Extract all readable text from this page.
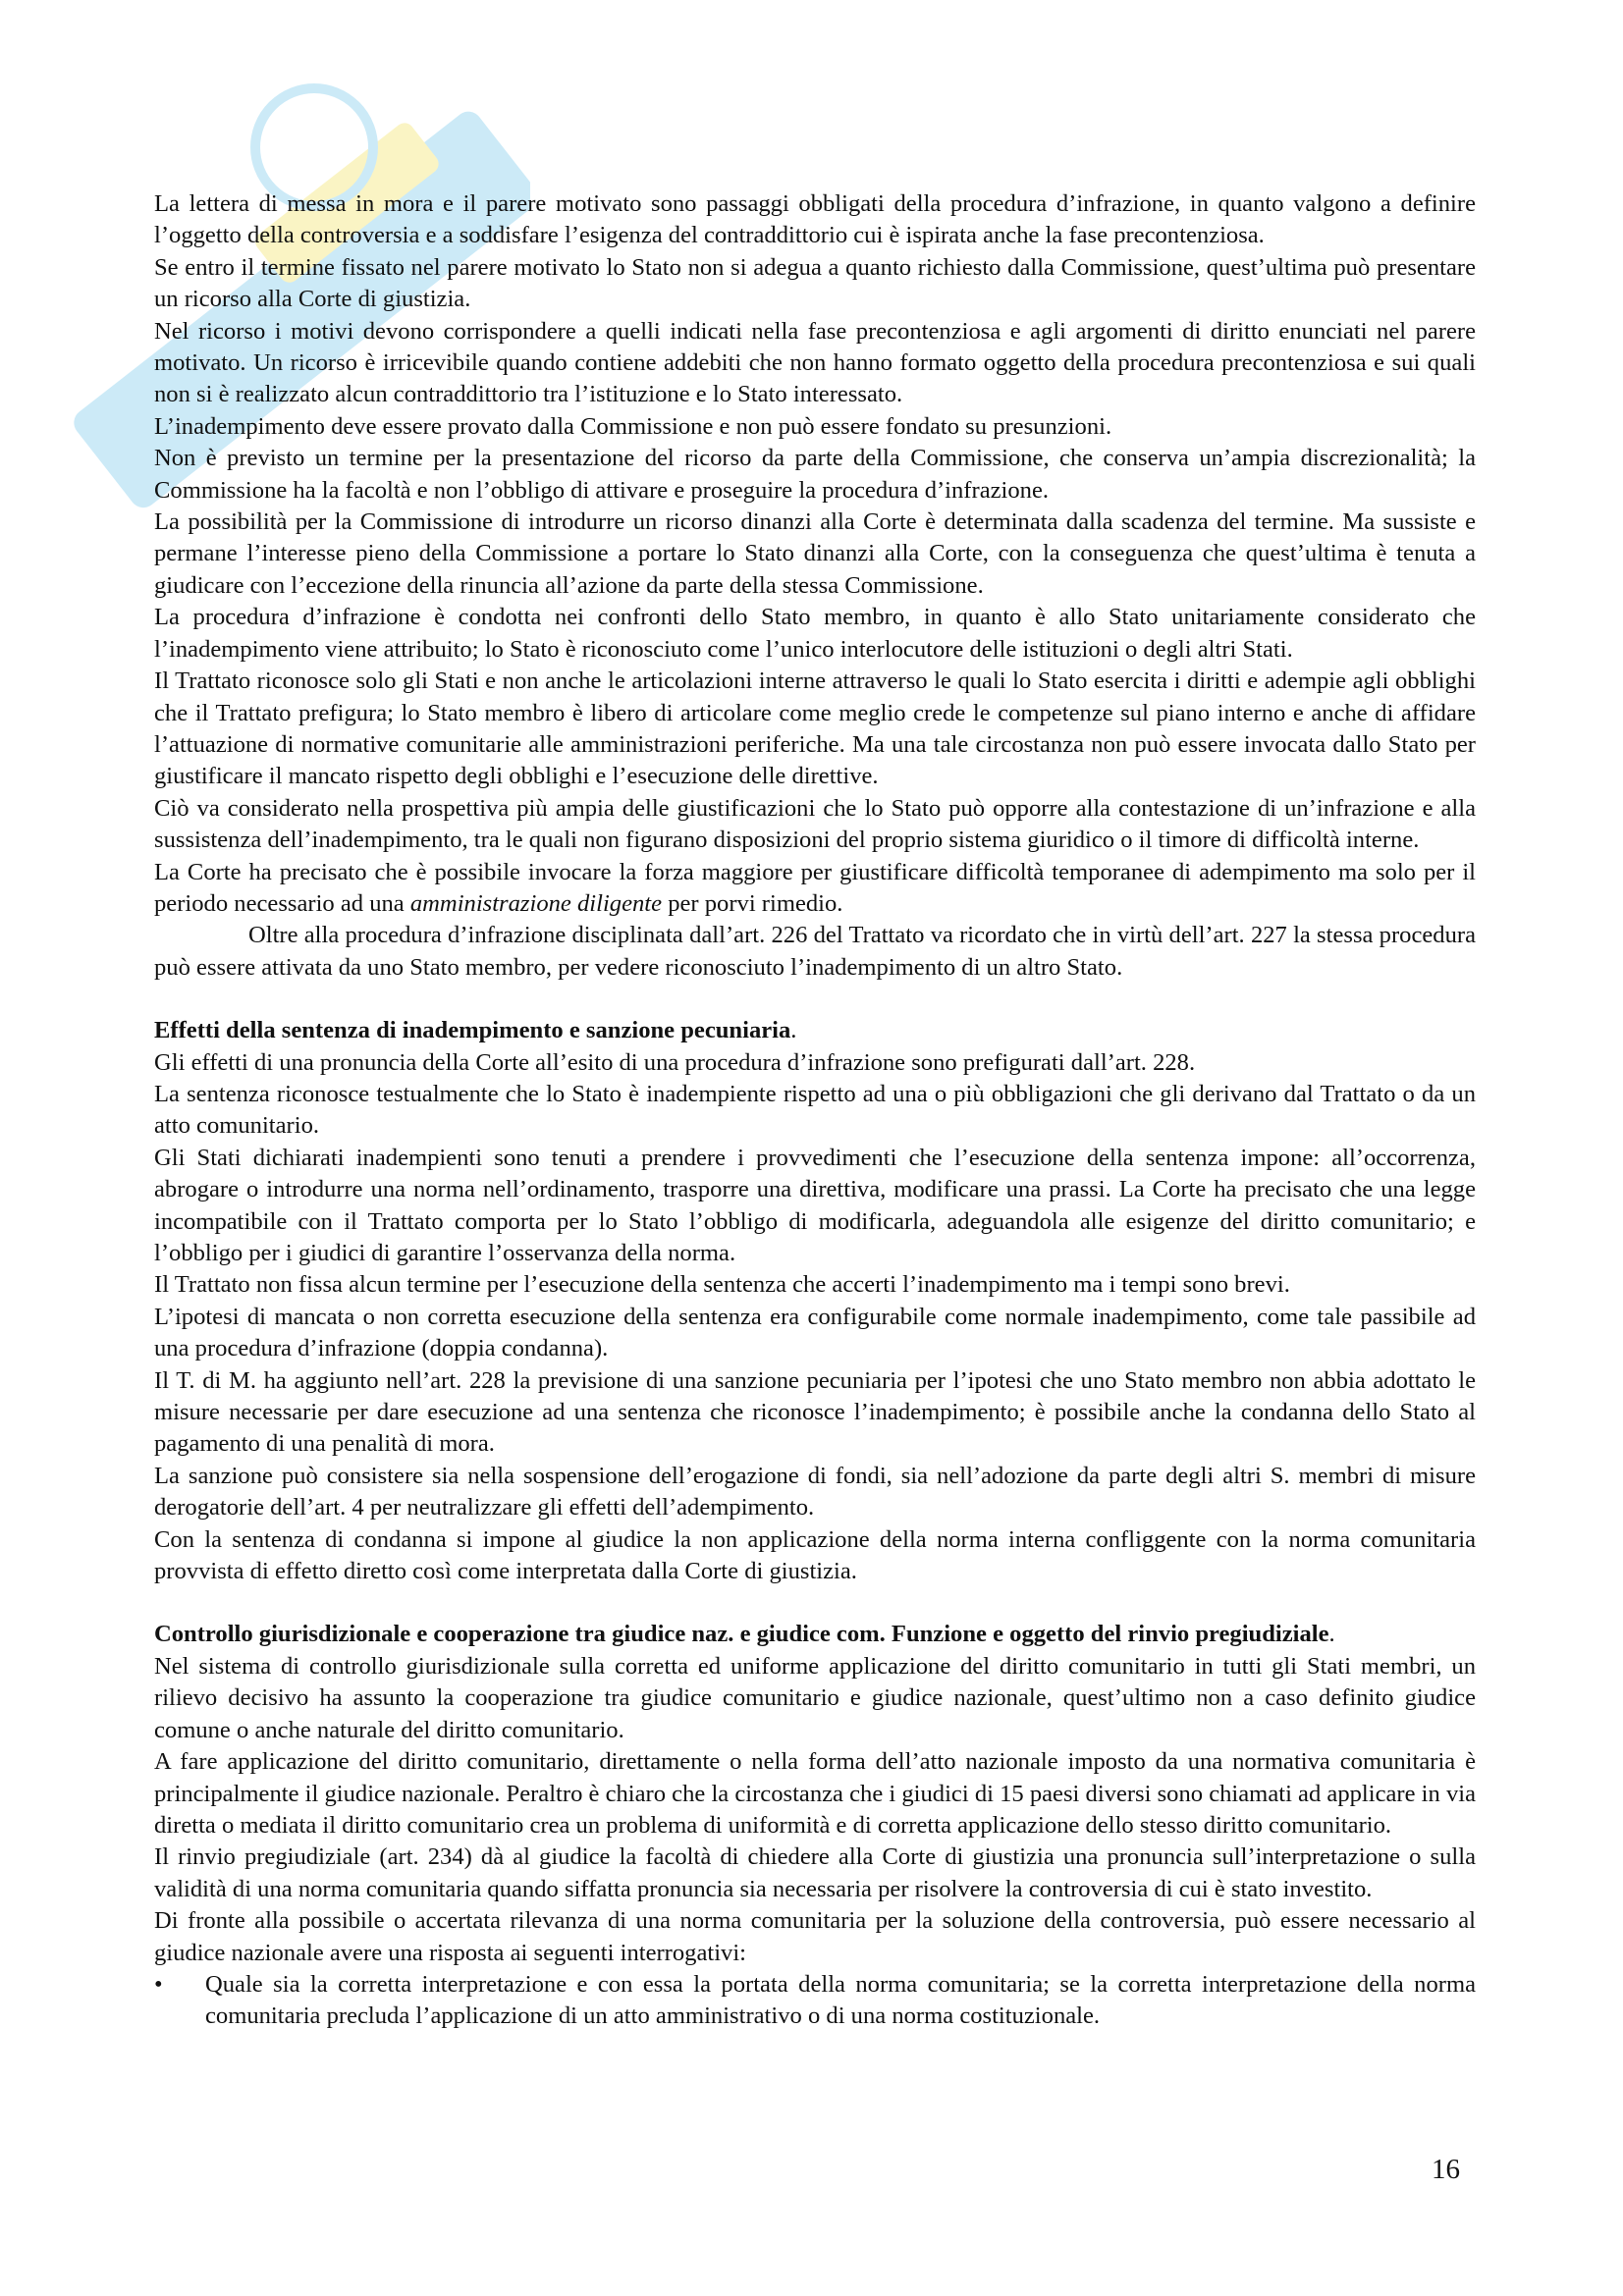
La lettera di messa in mora e il parere motivato sono passaggi obbligati della procedura d’infrazione, in quanto valgono a definire l’oggetto della controversia e a soddisfare l’esigenza del contraddittorio cui è ispirata anche la fase precontenziosa.

Se entro il termine fissato nel parere motivato lo Stato non si adegua a quanto richiesto dalla Commissione, quest’ultima può presentare un ricorso alla Corte di giustizia.

Nel ricorso i motivi devono corrispondere a quelli indicati nella fase precontenziosa e agli argomenti di diritto enunciati nel parere motivato. Un ricorso è irricevibile quando contiene addebiti che non hanno formato oggetto della procedura precontenziosa e sui quali non si è realizzato alcun contraddittorio tra l’istituzione e lo Stato interessato.

L’inadempimento deve essere provato dalla Commissione e non può essere fondato su presunzioni.

Non è previsto un termine per la presentazione del ricorso da parte della Commissione, che conserva un’ampia discrezionalità; la Commissione ha la facoltà e non l’obbligo di attivare e proseguire la procedura d’infrazione.

La possibilità per la Commissione di introdurre un ricorso dinanzi alla Corte è determinata dalla scadenza del termine. Ma sussiste e permane l’interesse pieno della Commissione a portare lo Stato dinanzi alla Corte, con la conseguenza che quest’ultima è tenuta a giudicare con l’eccezione della rinuncia all’azione da parte della stessa Commissione.

La procedura d’infrazione è condotta nei confronti dello Stato membro, in quanto è allo Stato unitariamente considerato che l’inadempimento viene attribuito; lo Stato è riconosciuto come l’unico interlocutore delle istituzioni o degli altri Stati.

Il Trattato riconosce solo gli Stati e non anche le articolazioni interne attraverso le quali lo Stato esercita i diritti e adempie agli obblighi che il Trattato prefigura; lo Stato membro è libero di articolare come meglio crede le competenze sul piano interno e anche di affidare l’attuazione di normative comunitarie alle amministrazioni periferiche. Ma una tale circostanza non può essere invocata dallo Stato per giustificare il mancato rispetto degli obblighi e l’esecuzione delle direttive.

Ciò va considerato nella prospettiva più ampia delle giustificazioni che lo Stato può opporre alla contestazione di un’infrazione e alla sussistenza dell’inadempimento, tra le quali non figurano disposizioni del proprio sistema giuridico o il timore di difficoltà interne.

La Corte ha precisato che è possibile invocare la forza maggiore per giustificare difficoltà temporanee di adempimento ma solo per il periodo necessario ad una amministrazione diligente per porvi rimedio.

Oltre alla procedura d’infrazione disciplinata dall’art. 226 del Trattato va ricordato che in virtù dell’art. 227 la stessa procedura può essere attivata da uno Stato membro, per vedere riconosciuto l’inadempimento di un altro Stato.

Effetti della sentenza di inadempimento e sanzione pecuniaria.

Gli effetti di una pronuncia della Corte all’esito di una procedura d’infrazione sono prefigurati dall’art. 228.

La sentenza riconosce testualmente che lo Stato è inadempiente rispetto ad una o più obbligazioni che gli derivano dal Trattato o da un atto comunitario.

Gli Stati dichiarati inadempienti sono tenuti a prendere i provvedimenti che l’esecuzione della sentenza impone: all’occorrenza, abrogare o introdurre una norma nell’ordinamento, trasporre una direttiva, modificare una prassi. La Corte ha precisato che una legge incompatibile con il Trattato comporta per lo Stato l’obbligo di modificarla, adeguandola alle esigenze del diritto comunitario; e l’obbligo per i giudici di garantire l’osservanza della norma.

Il Trattato non fissa alcun termine per l’esecuzione della sentenza che accerti l’inadempimento ma i tempi sono brevi.

L’ipotesi di mancata o non corretta esecuzione della sentenza era configurabile come normale inadempimento, come tale passibile ad una procedura d’infrazione (doppia condanna).

Il T. di M. ha aggiunto nell’art. 228 la previsione di una sanzione pecuniaria per l’ipotesi che uno Stato membro non abbia adottato le misure necessarie per dare esecuzione ad una sentenza che riconosce l’inadempimento; è possibile anche la condanna dello Stato al pagamento di una penalità di mora.

La sanzione può consistere sia nella sospensione dell’erogazione di fondi, sia nell’adozione da parte degli altri S. membri di misure derogatorie dell’art. 4 per neutralizzare gli effetti dell’adempimento.

Con la sentenza di condanna si impone al giudice la non applicazione della norma interna confliggente con la norma comunitaria provvista di effetto diretto così come interpretata dalla Corte di giustizia.

Controllo giurisdizionale e cooperazione tra giudice naz. e giudice com. Funzione e oggetto del rinvio pregiudiziale.

Nel sistema di controllo giurisdizionale sulla corretta ed uniforme applicazione del diritto comunitario in tutti gli Stati membri, un rilievo decisivo ha assunto la cooperazione tra giudice comunitario e giudice nazionale, quest’ultimo non a caso definito giudice comune o anche naturale del diritto comunitario.

A fare applicazione del diritto comunitario, direttamente o nella forma dell’atto nazionale imposto da una normativa comunitaria è principalmente il giudice nazionale. Peraltro è chiaro che la circostanza che i giudici di 15 paesi diversi sono chiamati ad applicare in via diretta o mediata il diritto comunitario crea un problema di uniformità e di corretta applicazione dello stesso diritto comunitario.

Il rinvio pregiudiziale (art. 234) dà al giudice la facoltà di chiedere alla Corte di giustizia una pronuncia sull’interpretazione o sulla validità di una norma comunitaria quando siffatta pronuncia sia necessaria per risolvere la controversia di cui è stato investito.

Di fronte alla possibile o accertata rilevanza di una norma comunitaria per la soluzione della controversia, può essere necessario al giudice nazionale avere una risposta ai seguenti interrogativi:

• Quale sia la corretta interpretazione e con essa la portata della norma comunitaria; se la corretta interpretazione della norma comunitaria precluda l’applicazione di un atto amministrativo o di una norma costituzionale.

16
